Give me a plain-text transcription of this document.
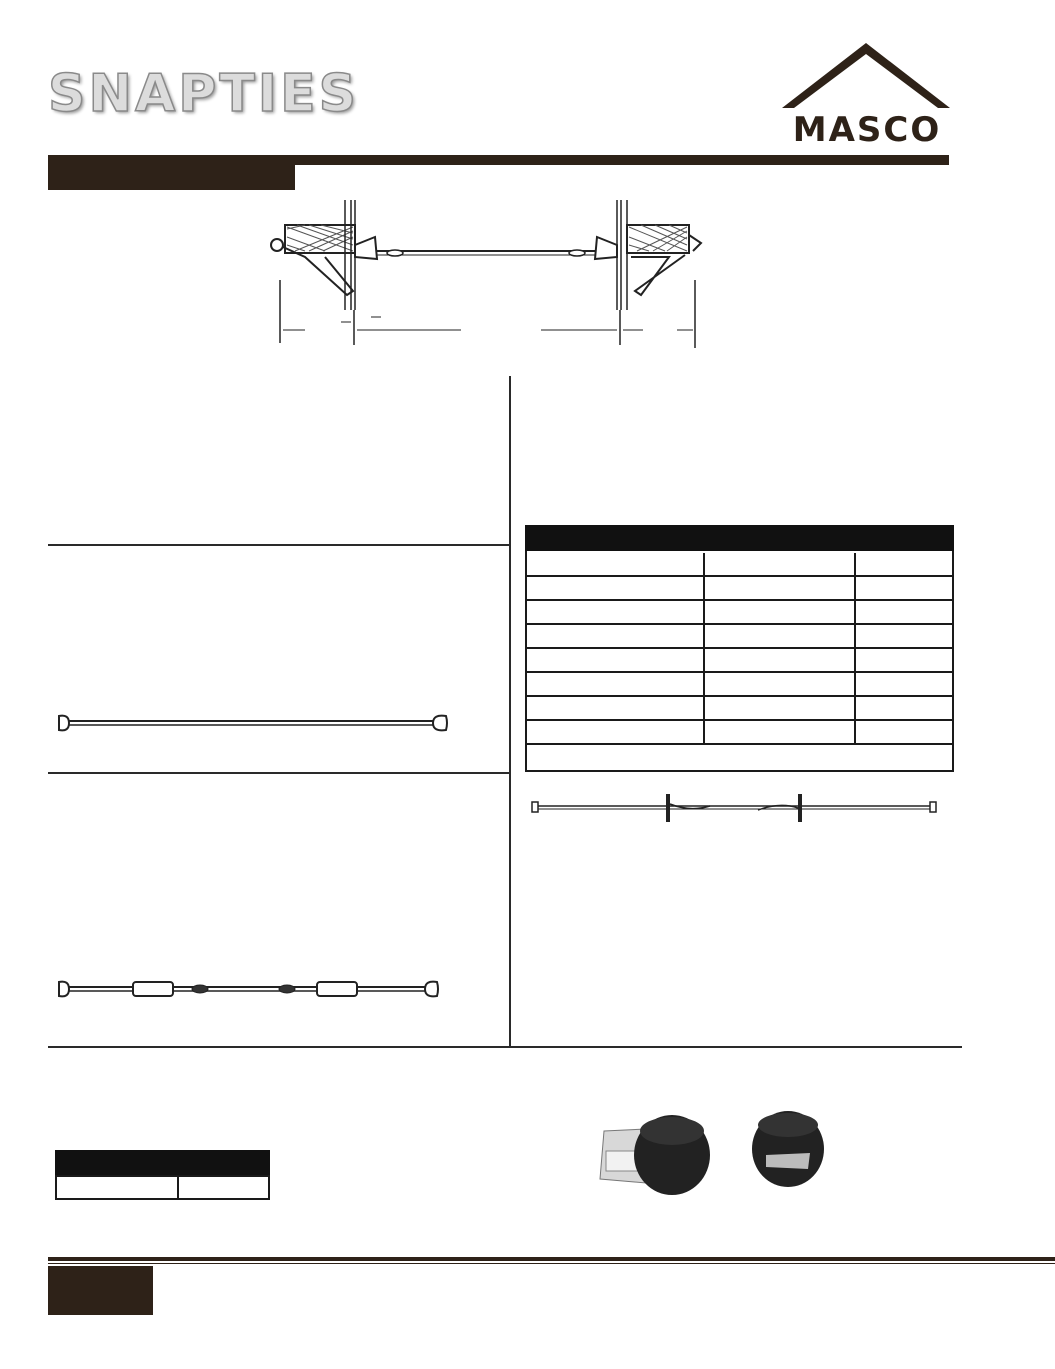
SNAPTIES
MASCO
